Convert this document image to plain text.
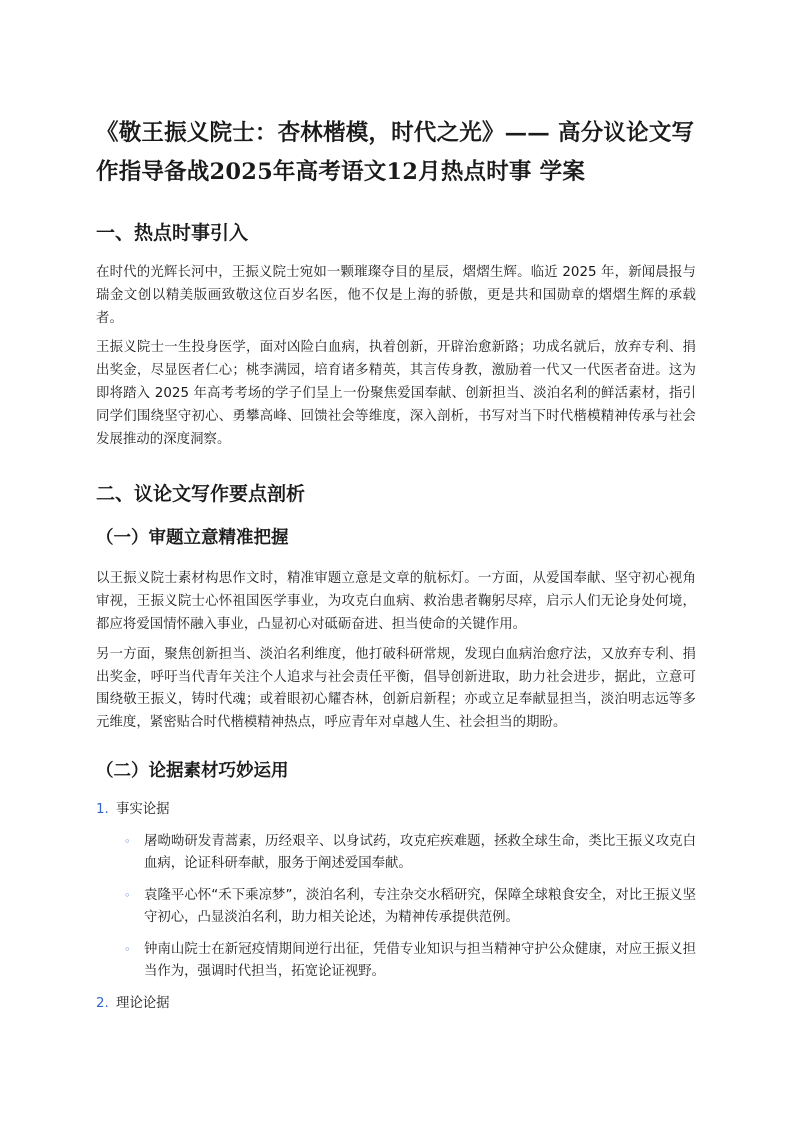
《敬王振义院士：杏林楷模，时代之光》—— 高分议论文写作指导备战2025年高考语文12月热点时事 学案
一、热点时事引入

在时代的光辉长河中，王振义院士宛如一颗璀璨夺目的星辰，熠熠生辉。临近 2025 年，新闻晨报与瑞金文创以精美版画致敬这位百岁名医，他不仅是上海的骄傲，更是共和国勋章的熠熠生辉的承载者。

王振义院士一生投身医学，面对凶险白血病，执着创新，开辟治愈新路；功成名就后，放弃专利、捐出奖金，尽显医者仁心；桃李满园，培育诸多精英，其言传身教，激励着一代又一代医者奋进。这为即将踏入 2025 年高考考场的学子们呈上一份聚焦爱国奉献、创新担当、淡泊名利的鲜活素材，指引同学们围绕坚守初心、勇攀高峰、回馈社会等维度，深入剖析，书写对当下时代楷模精神传承与社会发展推动的深度洞察。

二、议论文写作要点剖析
（一）审题立意精准把握

以王振义院士素材构思作文时，精准审题立意是文章的航标灯。一方面，从爱国奉献、坚守初心视角审视，王振义院士心怀祖国医学事业，为攻克白血病、救治患者鞠躬尽瘁，启示人们无论身处何境，都应将爱国情怀融入事业，凸显初心对砥砺奋进、担当使命的关键作用。

另一方面，聚焦创新担当、淡泊名利维度，他打破科研常规，发现白血病治愈疗法，又放弃专利、捐出奖金，呼吁当代青年关注个人追求与社会责任平衡，倡导创新进取，助力社会进步，据此，立意可围绕敬王振义，铸时代魂；或着眼初心耀杏林，创新启新程；亦或立足奉献显担当，淡泊明志远等多元维度，紧密贴合时代楷模精神热点，呼应青年对卓越人生、社会担当的期盼。

（二）论据素材巧妙运用
1. 事实论据
◦ 屠呦呦研发青蒿素，历经艰辛、以身试药，攻克疟疾难题，拯救全球生命，类比王振义攻克白血病，论证科研奉献，服务于阐述爱国奉献。
◦ 袁隆平心怀“禾下乘凉梦”，淡泊名利，专注杂交水稻研究，保障全球粮食安全，对比王振义坚守初心，凸显淡泊名利，助力相关论述，为精神传承提供范例。
◦ 钟南山院士在新冠疫情期间逆行出征，凭借专业知识与担当精神守护公众健康，对应王振义担当作为，强调时代担当，拓宽论证视野。
2. 理论论据
